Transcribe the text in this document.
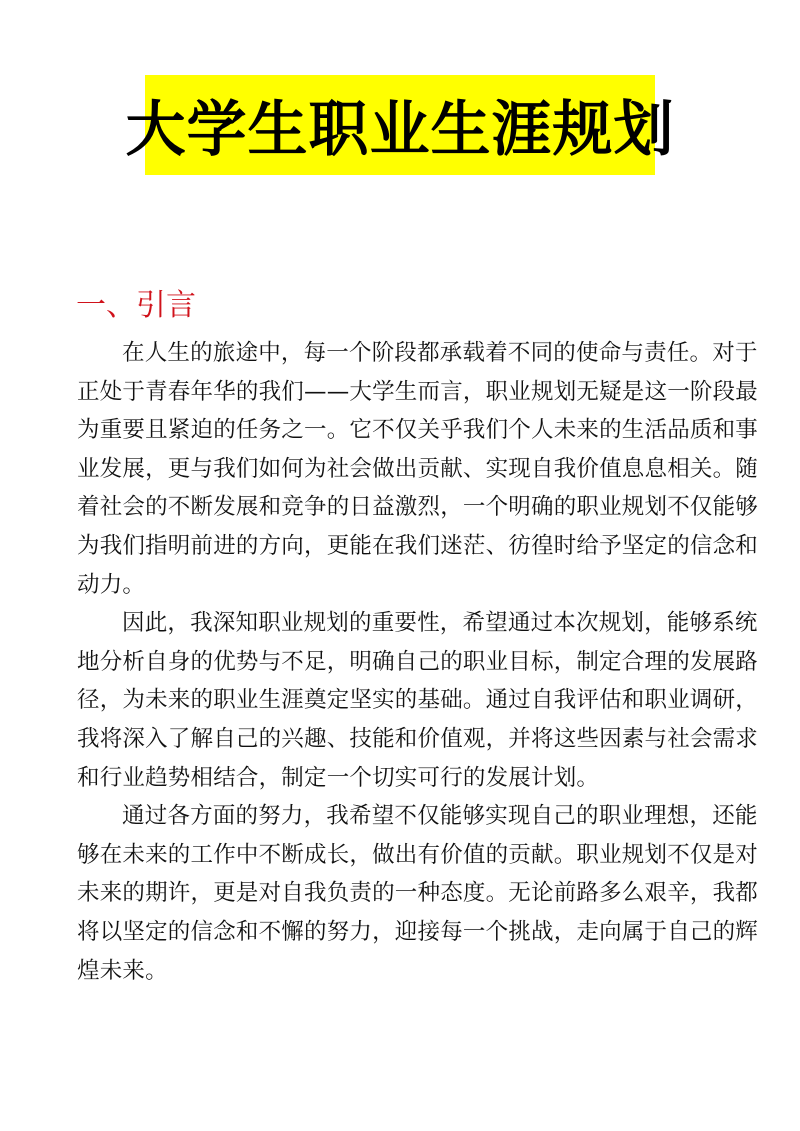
大学生职业生涯规划
一、引言
在人生的旅途中，每一个阶段都承载着不同的使命与责任。对于
正处于青春年华的我们——大学生而言，职业规划无疑是这一阶段最
为重要且紧迫的任务之一。它不仅关乎我们个人未来的生活品质和事
业发展，更与我们如何为社会做出贡献、实现自我价值息息相关。随
着社会的不断发展和竞争的日益激烈，一个明确的职业规划不仅能够
为我们指明前进的方向，更能在我们迷茫、彷徨时给予坚定的信念和
动力。
因此，我深知职业规划的重要性，希望通过本次规划，能够系统
地分析自身的优势与不足，明确自己的职业目标，制定合理的发展路
径，为未来的职业生涯奠定坚实的基础。通过自我评估和职业调研，
我将深入了解自己的兴趣、技能和价值观，并将这些因素与社会需求
和行业趋势相结合，制定一个切实可行的发展计划。
通过各方面的努力，我希望不仅能够实现自己的职业理想，还能
够在未来的工作中不断成长，做出有价值的贡献。职业规划不仅是对
未来的期许，更是对自我负责的一种态度。无论前路多么艰辛，我都
将以坚定的信念和不懈的努力，迎接每一个挑战，走向属于自己的辉
煌未来。
